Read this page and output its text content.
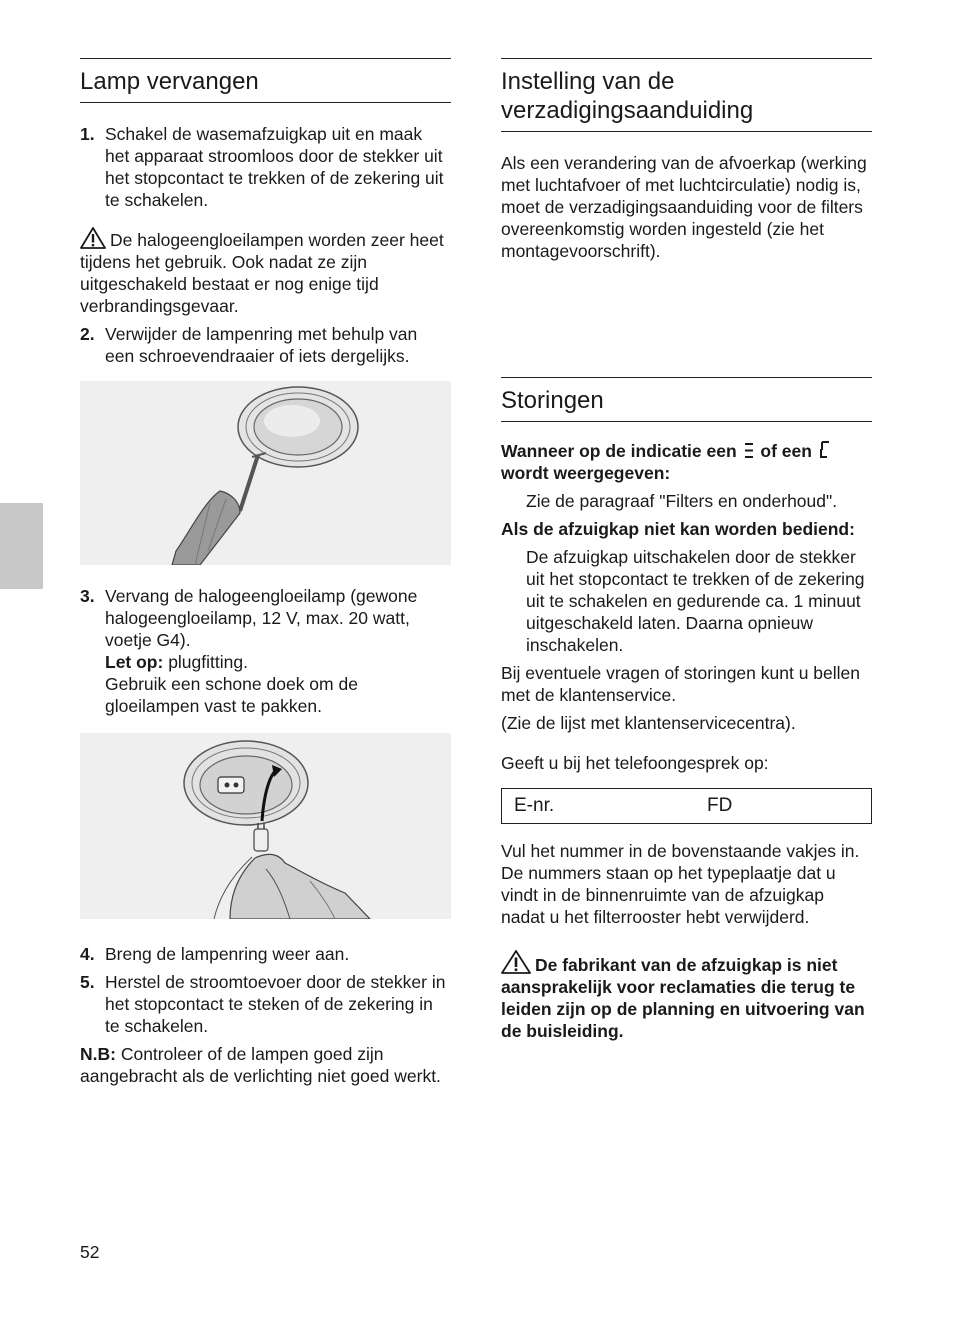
Lamp vervangen
1. Schakel de wasemafzuigkap uit en maak het apparaat stroomloos door de stekker uit het stopcontact te trekken of de zekering uit te schakelen.

De halogeengloeilampen worden zeer heet tijdens het gebruik. Ook nadat ze zijn uitgeschakeld bestaat er nog enige tijd verbrandingsgevaar.

2. Verwijder de lampenring met behulp van een schroevendraaier of iets dergelijks.
3. Vervang de halogeengloeilamp (gewone halogeengloeilamp, 12 V, max. 20 watt, voetje G4).
Let op: plugfitting.
Gebruik een schone doek om de gloeilampen vast te pakken.
4. Breng de lampenring weer aan.
5. Herstel de stroomtoevoer door de stekker in het stopcontact te steken of de zekering in te schakelen.

N.B: Controleer of de lampen goed zijn aangebracht als de verlichting niet goed werkt.

Instelling van de verzadigingsaanduiding

Als een verandering van de afvoerkap (werking met luchtafvoer of met luchtcirculatie) nodig is, moet de verzadigingsaanduiding voor de filters overeenkomstig worden ingesteld (zie het montagevoorschrift).

Storingen

Wanneer op de indicatie een of een
wordt weergegeven:

Zie de paragraaf "Filters en onderhoud".

Als de afzuigkap niet kan worden bediend:

De afzuigkap uitschakelen door de stekker uit het stopcontact te trekken of de zekering uit te schakelen en gedurende ca. 1 minuut uitgeschakeld laten. Daarna opnieuw inschakelen.

Bij eventuele vragen of storingen kunt u bellen met de klantenservice.

(Zie de lijst met klantenservicecentra).

Geeft u bij het telefoongesprek op:

E-nr.	FD

Vul het nummer in de bovenstaande vakjes in. De nummers staan op het typeplaatje dat u vindt in de binnenruimte van de afzuigkap nadat u het filterrooster hebt verwijderd.

De fabrikant van de afzuigkap is niet aansprakelijk voor reclamaties die terug te leiden zijn op de planning en uitvoering van de buisleiding.

52
